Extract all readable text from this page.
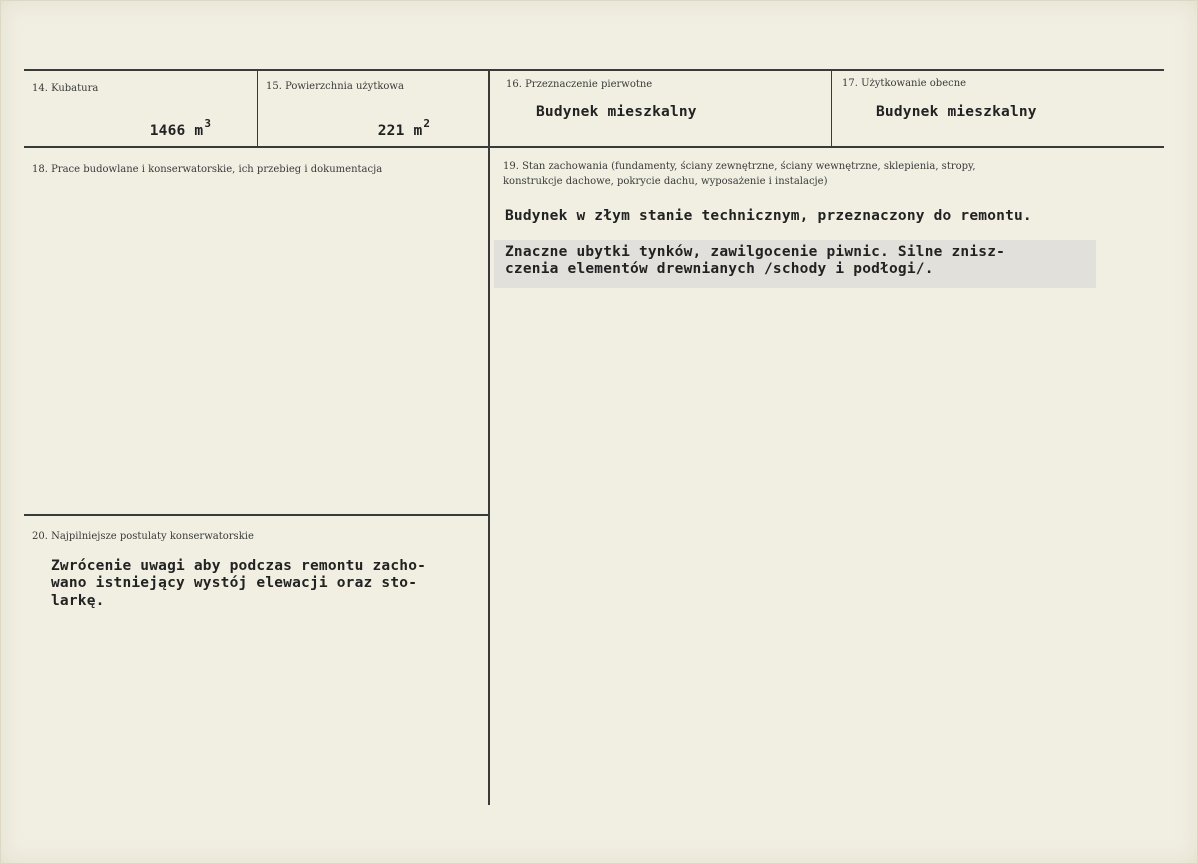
14. Kubatura

1466 $m^3$

15. Powierzchnia użytkowa

221 $m^2$

16. Przeznaczenie pierwotne
Budynek mieszkalny
17. Użytkowanie obecne
Budynek mieszkalny
18. Prace budowlane i konserwatorskie, ich przebieg i dokumentacja	19. Stan zachowania (fundamenty, ściany zewnętrzne, ściany wewnętrzne, sklepienia, stropy,
konstrukcje dachowe, pokrycie dachu, wyposażenie i instalacje)
Budynek w złym stanie technicznym, przeznaczony do remontu.
Znaczne ubytki tynków, zawilgocenie piwnic. Silne znisz-
czenia elementów drewnianych /schody i podłogi/.
20. Najpilniejsze postulaty konserwatorskie
Zwrócenie uwagi aby podczas remontu zacho-
wano istniejący wystój elewacji oraz sto-
larkę.
